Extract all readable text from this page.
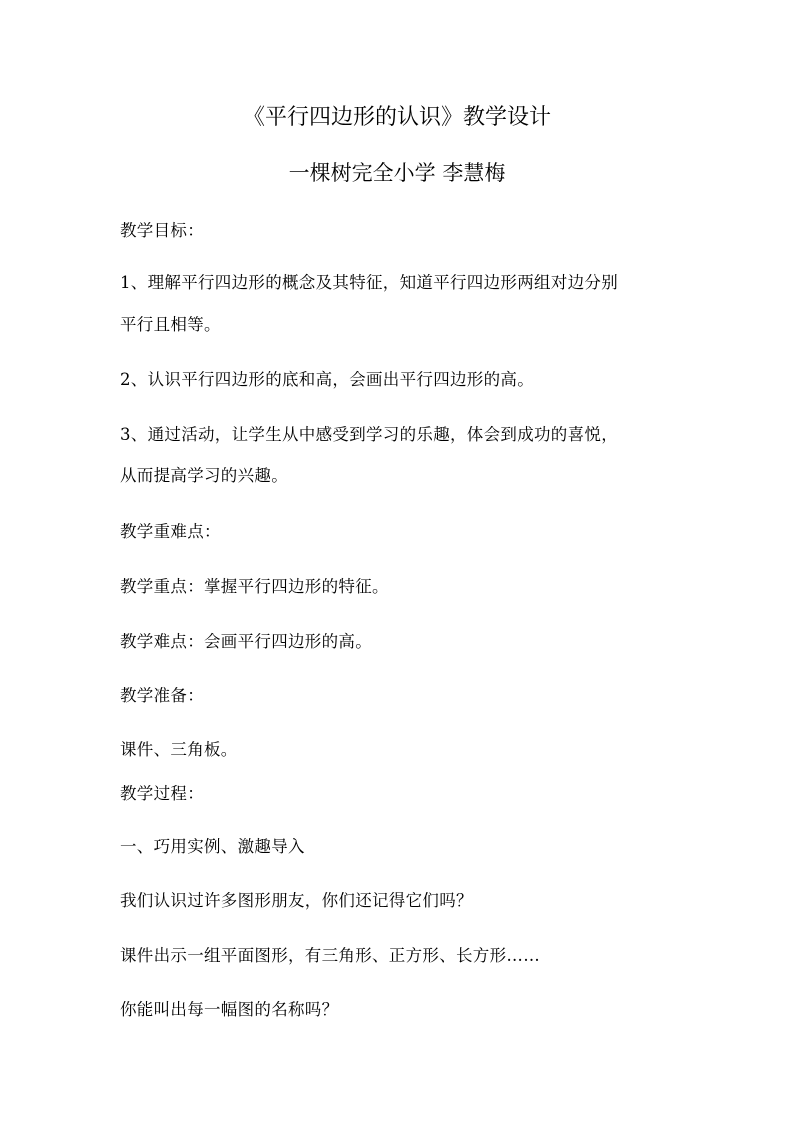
《平行四边形的认识》教学设计
一棵树完全小学 李慧梅
教学目标：
1、理解平行四边形的概念及其特征，知道平行四边形两组对边分别
平行且相等。
2、认识平行四边形的底和高，会画出平行四边形的高。
3、通过活动，让学生从中感受到学习的乐趣，体会到成功的喜悦，
从而提高学习的兴趣。
教学重难点：
教学重点：掌握平行四边形的特征。
教学难点：会画平行四边形的高。
教学准备：
课件、三角板。
教学过程：
一、巧用实例、激趣导入
我们认识过许多图形朋友，你们还记得它们吗？
课件出示一组平面图形，有三角形、正方形、长方形……
你能叫出每一幅图的名称吗？
